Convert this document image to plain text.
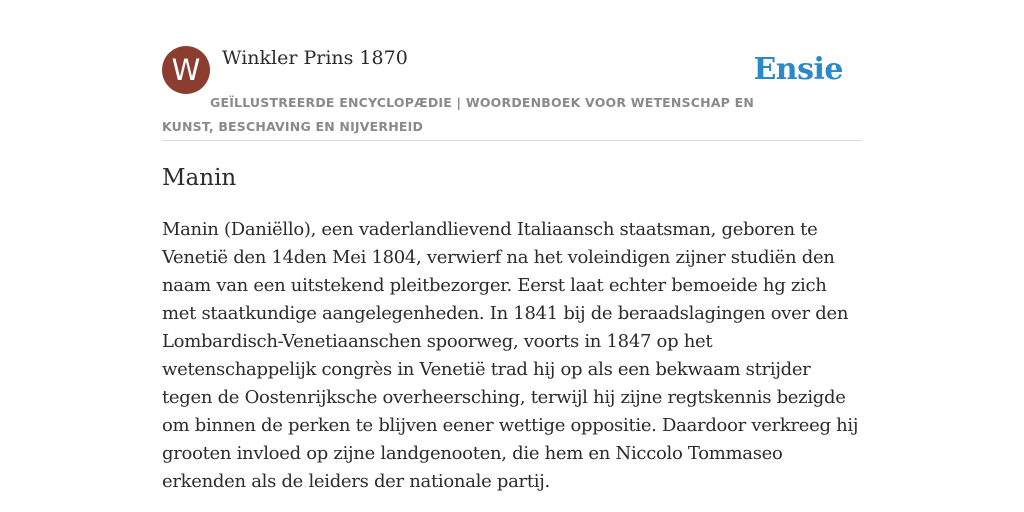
W	Winkler Prins 1870	Ensie
GEÏLLUSTREERDE ENCYCLOPÆDIE | WOORDENBOEK VOOR WETENSCHAP EN KUNST, BESCHAVING EN NIJVERHEID
Manin

Manin (Daniëllo), een vaderlandlievend Italiaansch staatsman, geboren te Venetië den 14den Mei 1804, verwierf na het voleindigen zijner studiën den naam van een uitstekend pleitbezorger. Eerst laat echter bemoeide hg zich met staatkundige aangelegenheden. In 1841 bij de beraadslagingen over den Lombardisch-Venetiaanschen spoorweg, voorts in 1847 op het wetenschappelijk congrès in Venetië trad hij op als een bekwaam strijder tegen de Oostenrijksche overheersching, terwijl hij zijne regtskennis bezigde om binnen de perken te blijven eener wettige oppositie. Daardoor verkreeg hij grooten invloed op zijne landgenooten, die hem en Niccolo Tommaseo erkenden als de leiders der nationale partij.
